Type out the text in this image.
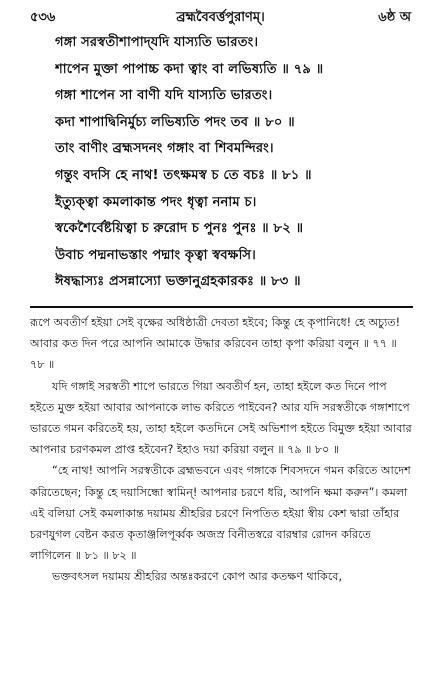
৫৩৬	ব্রহ্মবৈবর্ত্তপুরাণম্।	৬ষ্ঠ অ
গঙ্গা সরস্বতীশাপাদ্‌যদি যাস্যতি ভারতং।
শাপেন মুক্তা পাপাচ্চ কদা ত্বাং বা লভিষ্যতি ॥ ৭৯ ॥
গঙ্গা শাপেন সা বাণী যদি যাস্যতি ভারতং।
কদা শাপাদ্বিনির্মুচ্য লভিষ্যতি পদং তব ॥ ৮০ ॥
তাং বাণীং ব্রহ্মসদনং গঙ্গাং বা শিবমন্দিরং।
গন্তুং বদসি হে নাথ! তৎক্ষমস্ব চ তে বচঃ ॥ ৮১ ॥
ইত্যুক্ত্বা কমলাকান্ত পদং ধৃত্বা ননাম চ।
স্বকেশৈর্বেষ্টয়িত্বা চ রুরোদ চ পুনঃ পুনঃ ॥ ৮২ ॥
উবাচ পদ্মনাভস্তাং পদ্মাং কৃত্বা স্ববক্ষসি।
ঈষদ্ধাস্যঃ প্রসন্নাস্যো ভক্তানুগ্রহকারকঃ ॥ ৮৩ ॥

রূপে অবতীর্ণ হইয়া সেই বৃক্ষের অধিষ্ঠাত্রী দেবতা হইবে; কিন্তু হে কৃপানিধে! হে অচ্যুত! আবার কত দিন পরে আপনি আমাকে উদ্ধার করিবেন তাহা কৃপা করিয়া বলুন ॥ ৭৭ ॥ ৭৮ ॥

যদি গঙ্গাই সরস্বতী শাপে ভারতে গিয়া অবতীর্ণ হন, তাহা হইলে কত দিনে পাপ হইতে মুক্ত হইয়া আবার আপনাকে লাভ করিতে পাইবেন? আর যদি সরস্বতীকে গঙ্গাশাপে ভারতে গমন করিতেই হয়, তাহা হইলে কতদিনে সেই অভিশাপ হইতে বিমুক্ত হইয়া আবার আপনার চরণকমল প্রাপ্ত হইবেন? ইহাও দয়া করিয়া বলুন ॥ ৭৯ ॥ ৮০ ॥

“হে নাথ! আপনি সরস্বতীকে ব্রহ্মভবনে এবং গঙ্গাকে শিবসদনে গমন করিতে আদেশ করিতেছেন; কিন্তু হে দয়াসিন্ধো স্বামিন্‌! আপনার চরণে ধরি, আপনি ক্ষমা করুন”। কমলা এই বলিয়া সেই কমলাকান্ত দয়াময় শ্রীহরির চরণে নিপতিত হইয়া স্বীয় কেশ দ্বারা তাঁহার চরণযুগল বেষ্টন করত কৃতাঞ্জলিপূর্ব্বক অজস্র বিনীতস্বরে বারম্বার রোদন করিতে লাগিলেন ॥ ৮১ ॥ ৮২ ॥

ভক্তবৎসল দয়াময় শ্রীহরির অন্তঃকরণে কোপ আর কতক্ষণ থাকিবে,
